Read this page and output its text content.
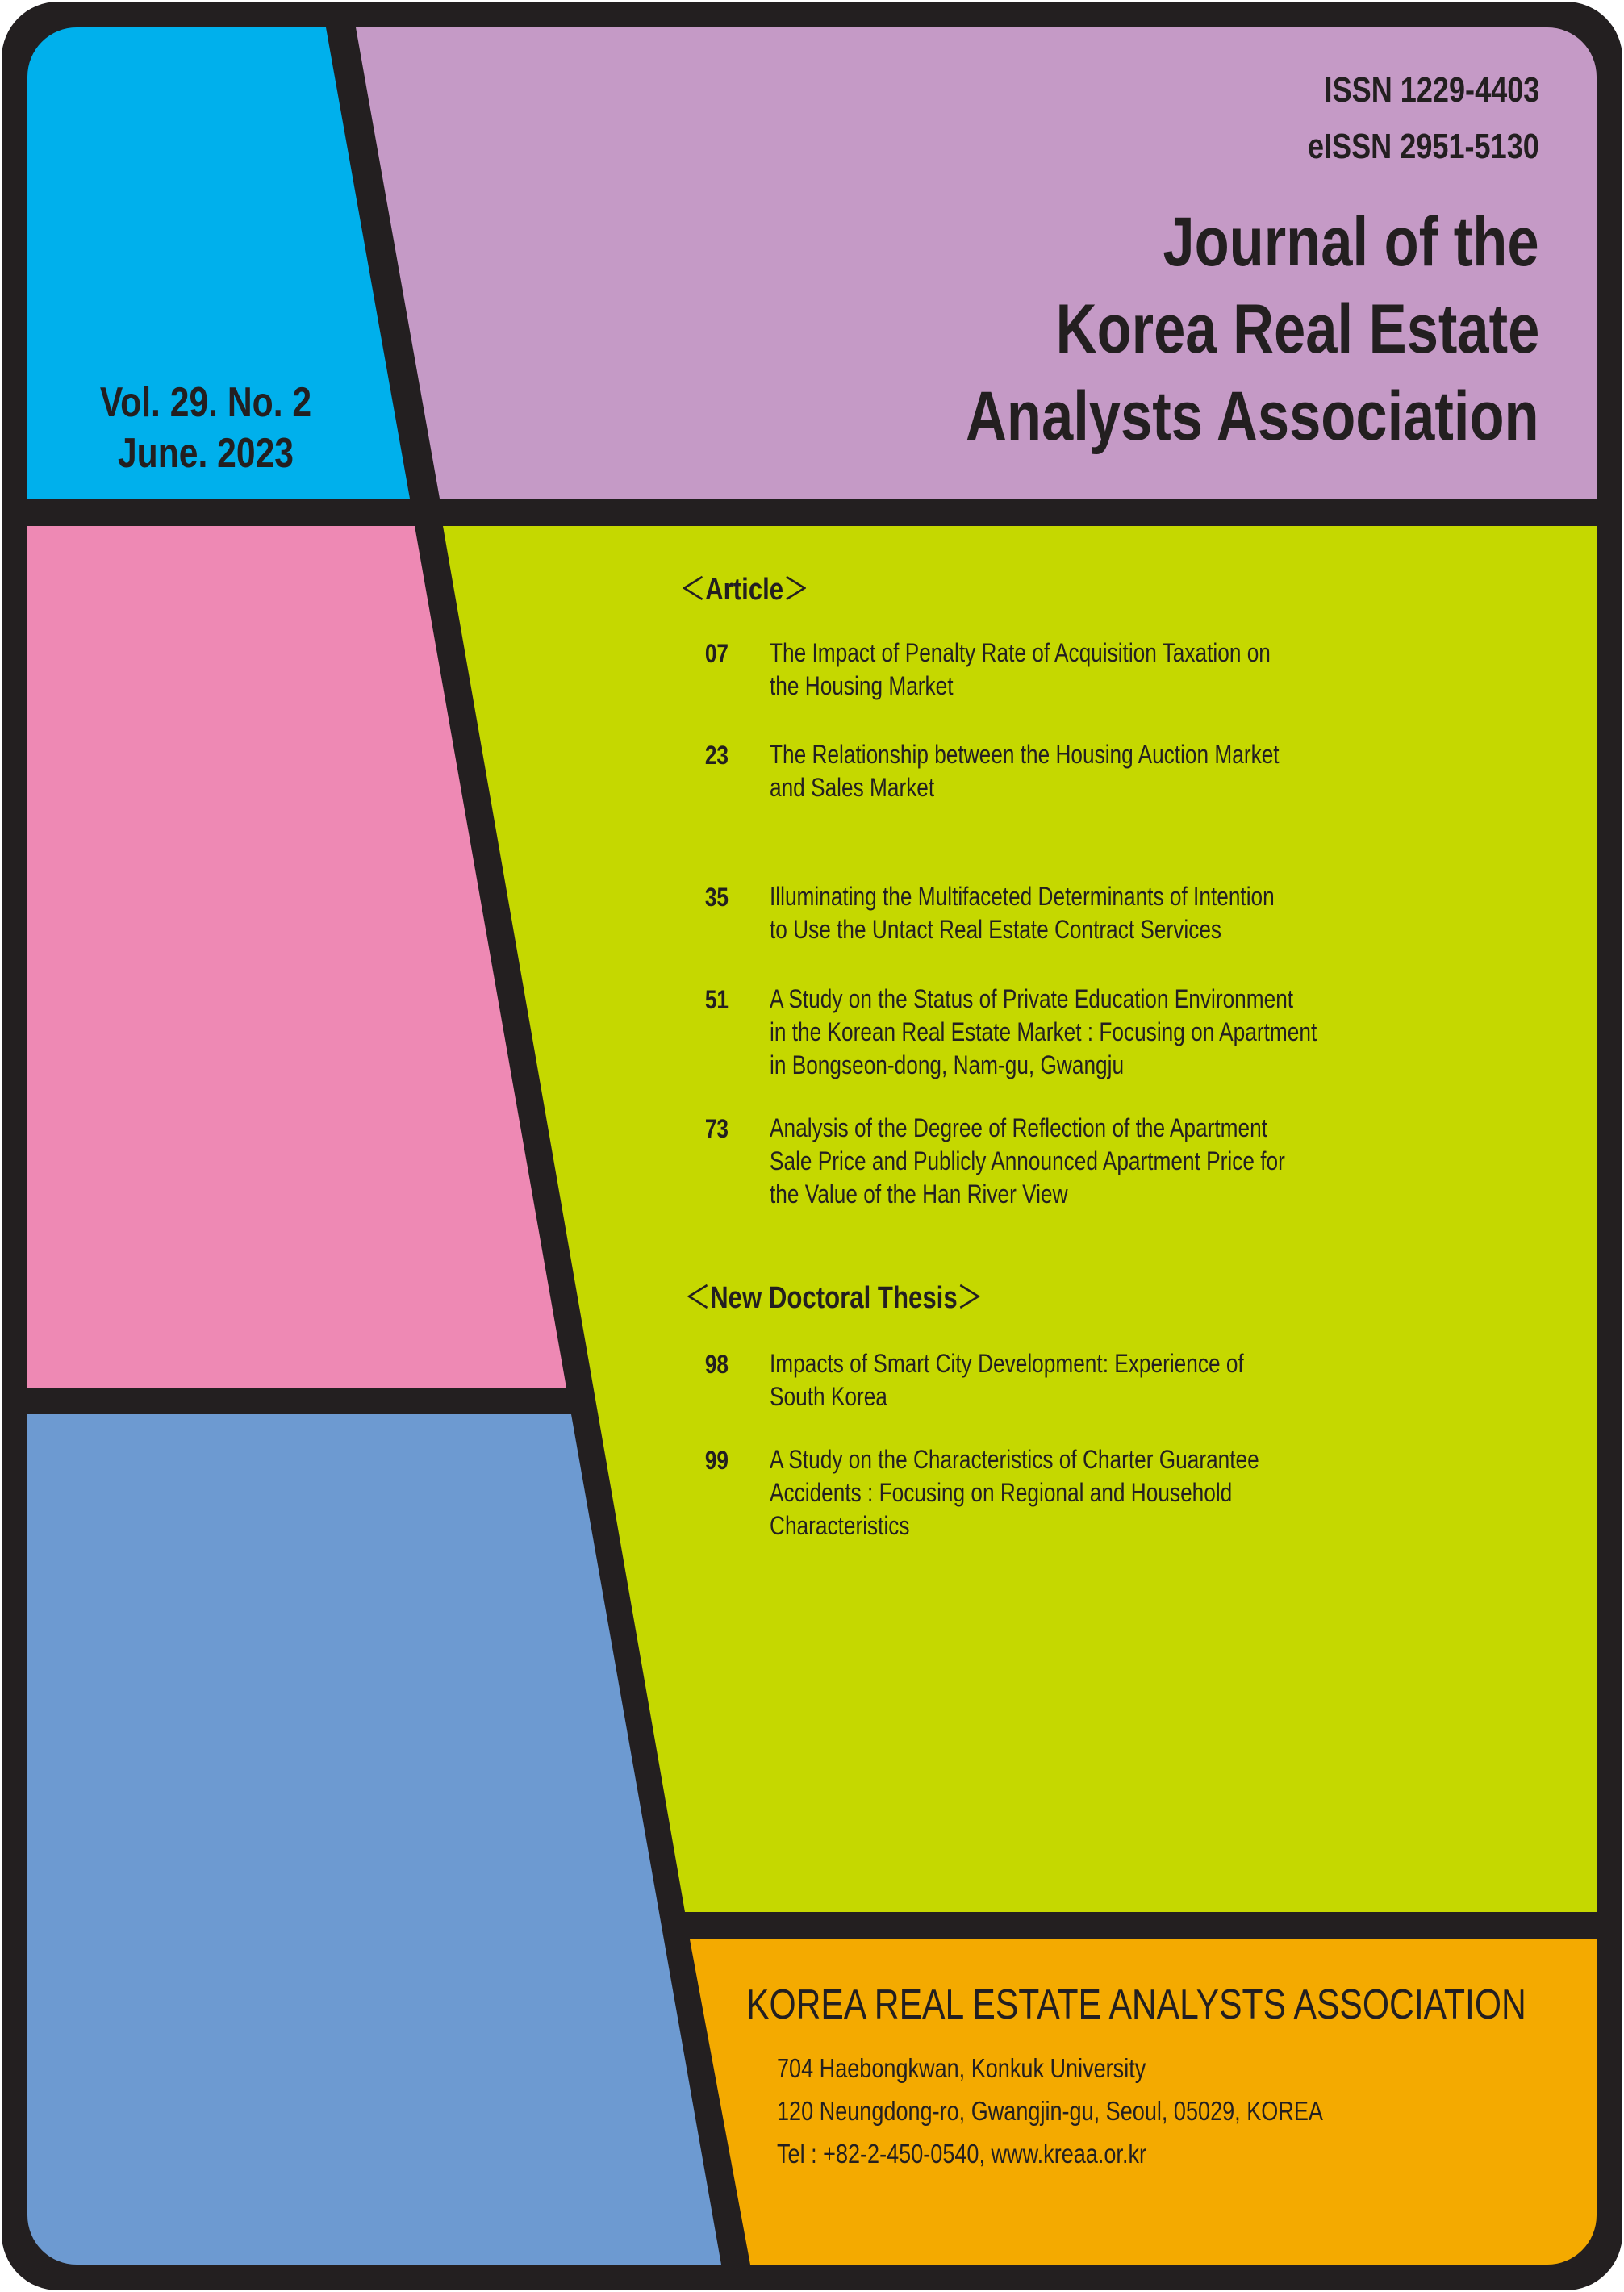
ISSN 1229-4403
eISSN 2951-5130
Journal of the
Korea Real Estate
Analysts Association
Vol. 29. No. 2
June. 2023
＜Article＞
07 The Impact of Penalty Rate of Acquisition Taxation on
the Housing Market
23 The Relationship between the Housing Auction Market
and Sales Market
35 Illuminating the Multifaceted Determinants of Intention
to Use the Untact Real Estate Contract Services
51 A Study on the Status of Private Education Environment
in the Korean Real Estate Market : Focusing on Apartment
in Bongseon-dong, Nam-gu, Gwangju
73 Analysis of the Degree of Reflection of the Apartment
Sale Price and Publicly Announced Apartment Price for
the Value of the Han River View
＜New Doctoral Thesis＞
98 Impacts of Smart City Development: Experience of
South Korea
99 A Study on the Characteristics of Charter Guarantee
Accidents : Focusing on Regional and Household
Characteristics
KOREA REAL ESTATE ANALYSTS ASSOCIATION
704 Haebongkwan, Konkuk University
120 Neungdong-ro, Gwangjin-gu, Seoul, 05029, KOREA
Tel : +82-2-450-0540, www.kreaa.or.kr
